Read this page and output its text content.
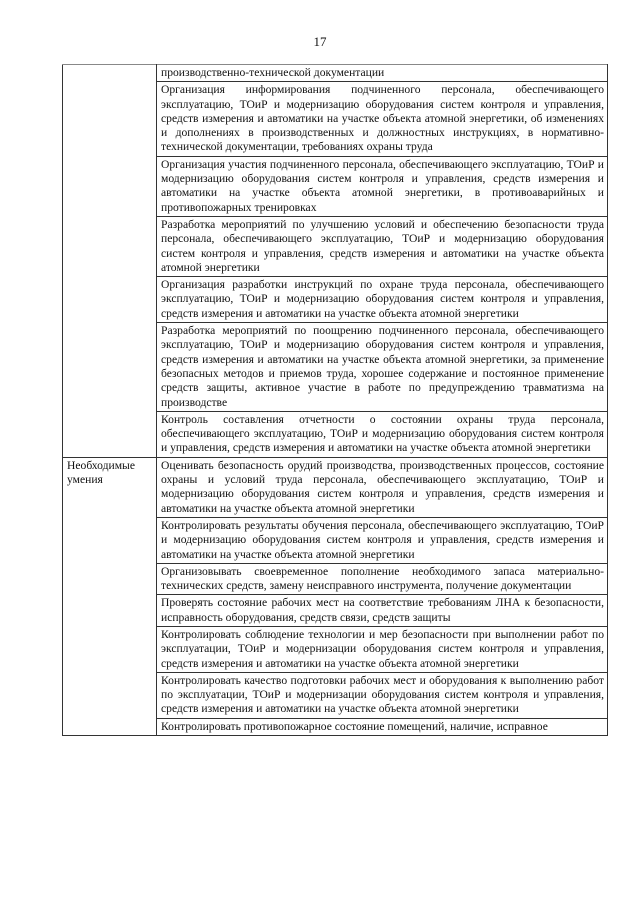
17
	производственно-технической документации
	Организация информирования подчиненного персонала, обеспечивающего эксплуатацию, ТОиР и модернизацию оборудования систем контроля и управления, средств измерения и автоматики на участке объекта атомной энергетики, об изменениях и дополнениях в производственных и должностных инструкциях, в нормативно-технической документации, требованиях охраны труда
	Организация участия подчиненного персонала, обеспечивающего эксплуатацию, ТОиР и модернизацию оборудования систем контроля и управления, средств измерения и автоматики на участке объекта атомной энергетики, в противоаварийных и противопожарных тренировках
	Разработка мероприятий по улучшению условий и обеспечению безопасности труда персонала, обеспечивающего эксплуатацию, ТОиР и модернизацию оборудования систем контроля и управления, средств измерения и автоматики на участке объекта атомной энергетики
	Организация разработки инструкций по охране труда персонала, обеспечивающего эксплуатацию, ТОиР и модернизацию оборудования систем контроля и управления, средств измерения и автоматики на участке объекта атомной энергетики
	Разработка мероприятий по поощрению подчиненного персонала, обеспечивающего эксплуатацию, ТОиР и модернизацию оборудования систем контроля и управления, средств измерения и автоматики на участке объекта атомной энергетики, за применение безопасных методов и приемов труда, хорошее содержание и постоянное применение средств защиты, активное участие в работе по предупреждению травматизма на производстве
	Контроль составления отчетности о состоянии охраны труда персонала, обеспечивающего эксплуатацию, ТОиР и модернизацию оборудования систем контроля и управления, средств измерения и автоматики на участке объекта атомной энергетики
Необходимые умения	Оценивать безопасность орудий производства, производственных процессов, состояние охраны и условий труда персонала, обеспечивающего эксплуатацию, ТОиР и модернизацию оборудования систем контроля и управления, средств измерения и автоматики на участке объекта атомной энергетики
	Контролировать результаты обучения персонала, обеспечивающего эксплуатацию, ТОиР и модернизацию оборудования систем контроля и управления, средств измерения и автоматики на участке объекта атомной энергетики
	Организовывать своевременное пополнение необходимого запаса материально-технических средств, замену неисправного инструмента, получение документации
	Проверять состояние рабочих мест на соответствие требованиям ЛНА к безопасности, исправность оборудования, средств связи, средств защиты
	Контролировать соблюдение технологии и мер безопасности при выполнении работ по эксплуатации, ТОиР и модернизации оборудования систем контроля и управления, средств измерения и автоматики на участке объекта атомной энергетики
	Контролировать качество подготовки рабочих мест и оборудования к выполнению работ по эксплуатации, ТОиР и модернизации оборудования систем контроля и управления, средств измерения и автоматики на участке объекта атомной энергетики
	Контролировать противопожарное состояние помещений, наличие, исправное
